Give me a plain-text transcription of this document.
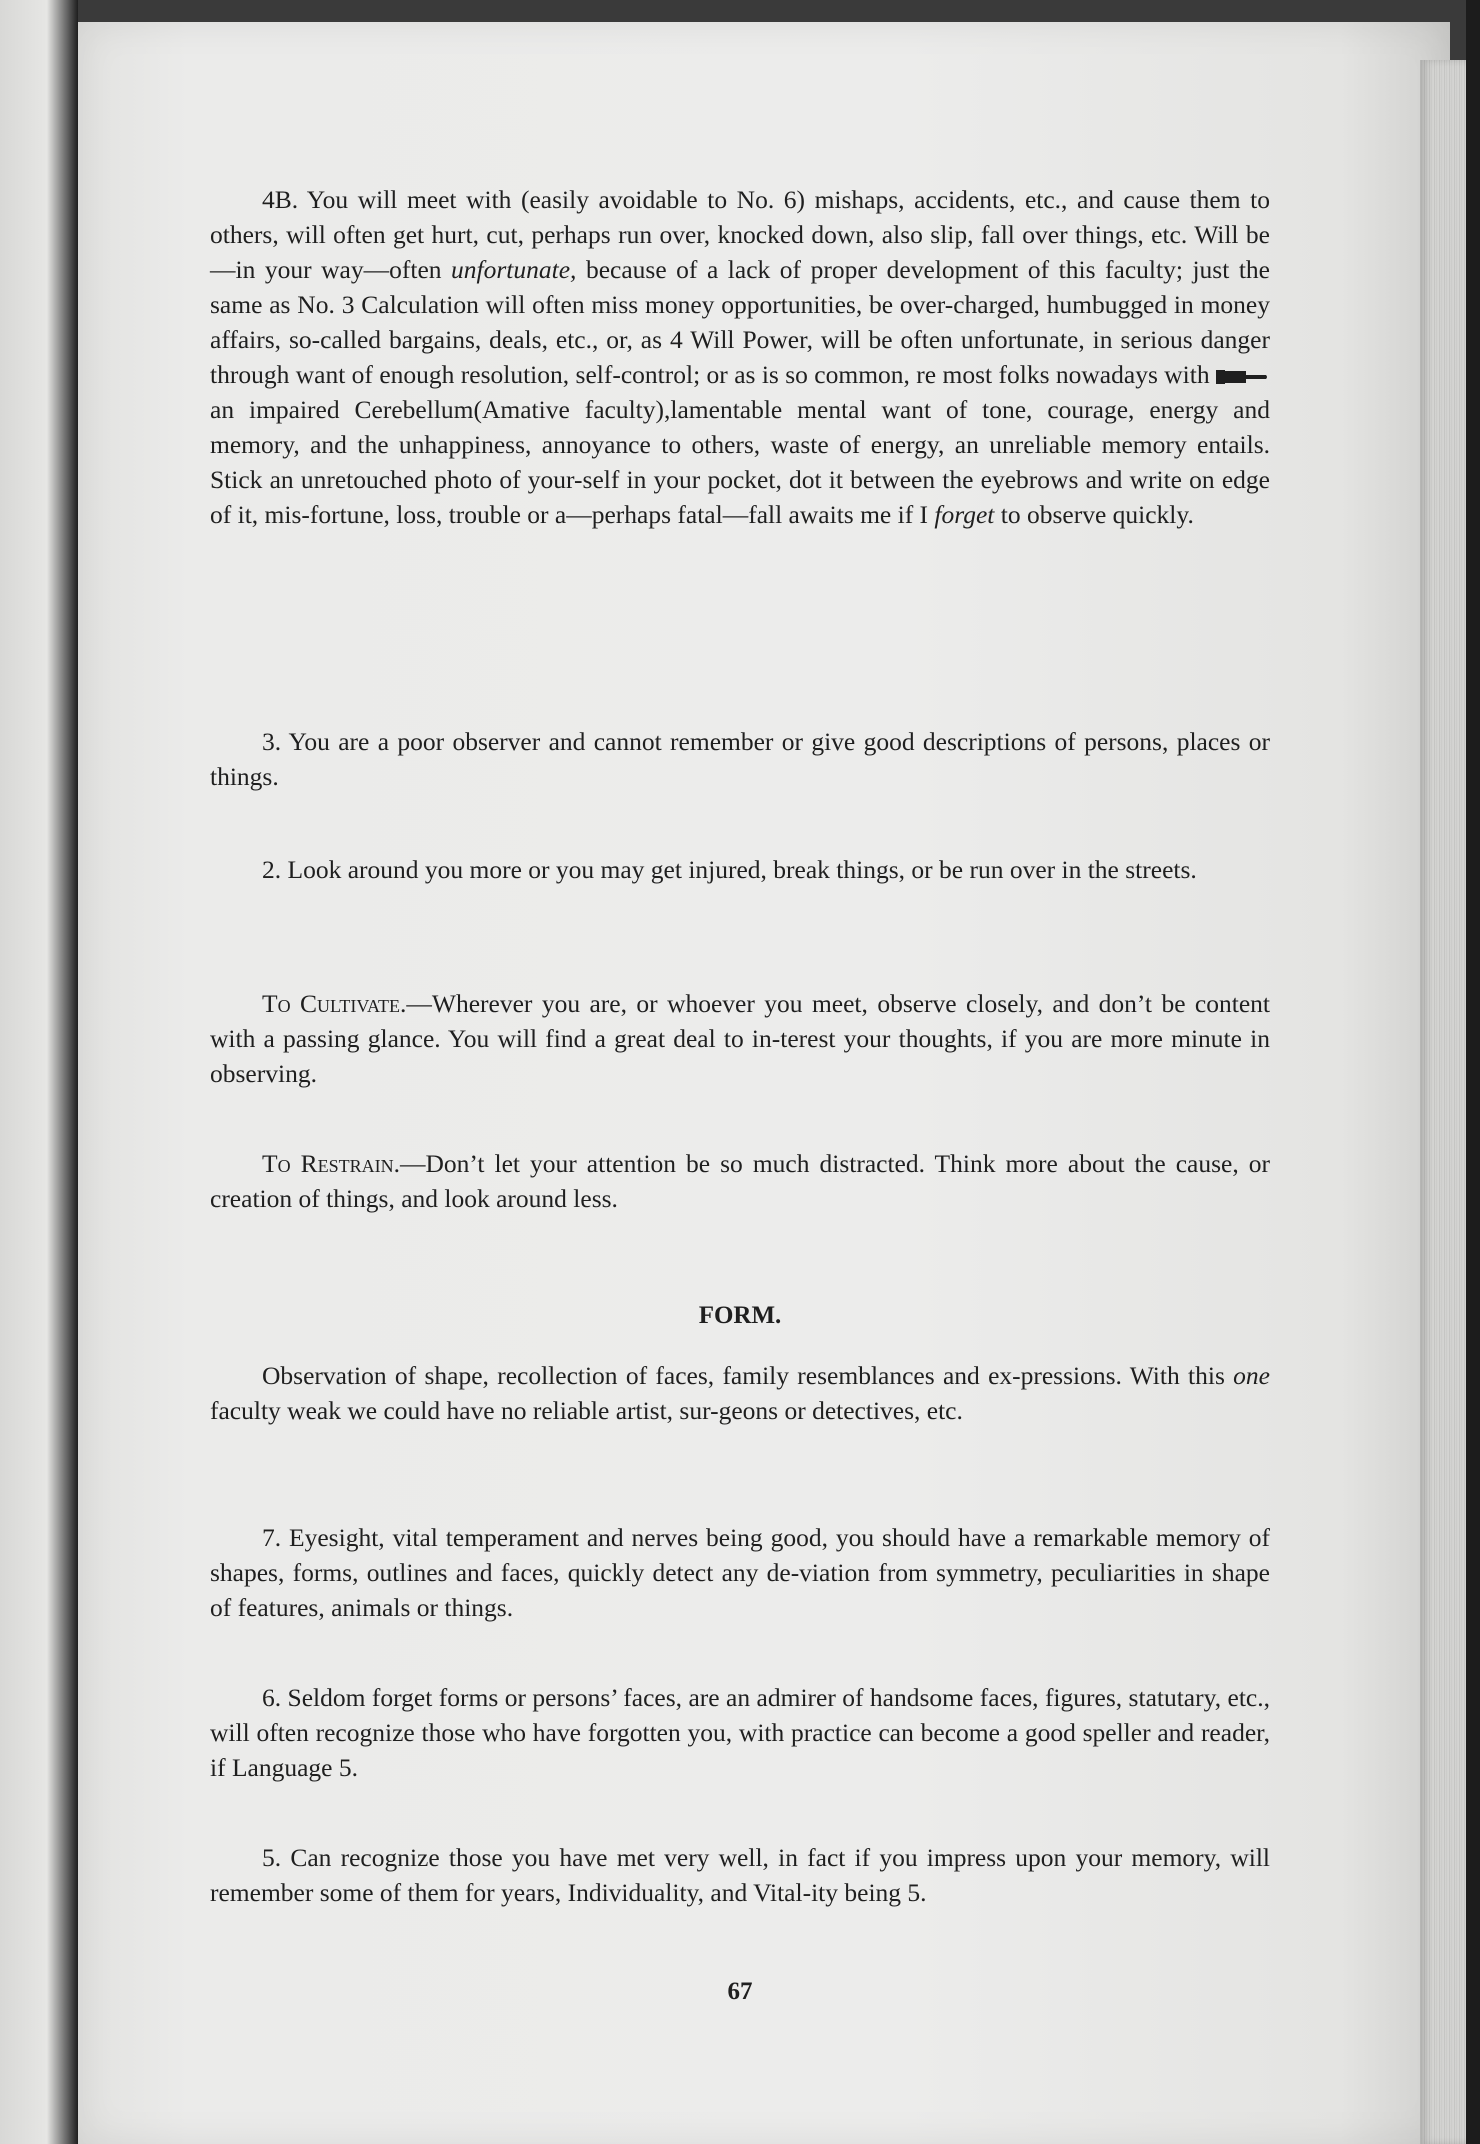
4B. You will meet with (easily avoidable to No. 6) mishaps, accidents, etc., and cause them to others, will often get hurt, cut, perhaps run over, knocked down, also slip, fall over things, etc. Will be—in your way—often unfortunate, because of a lack of proper development of this faculty; just the same as No. 3 Calculation will often miss money opportunities, be over-charged, humbugged in money affairs, so-called bargains, deals, etc., or, as 4 Will Power, will be often unfortunate, in serious danger through want of enough resolution, self-control; or as is so common, re most folks nowadays with an impaired Cerebellum(Amative faculty),lamentable mental want of tone, courage, energy and memory, and the unhappiness, annoyance to others, waste of energy, an unreliable memory entails. Stick an unretouched photo of your-self in your pocket, dot it between the eyebrows and write on edge of it, mis-fortune, loss, trouble or a—perhaps fatal—fall awaits me if I forget to observe quickly.

3. You are a poor observer and cannot remember or give good descriptions of persons, places or things.

2. Look around you more or you may get injured, break things, or be run over in the streets.

To Cultivate.—Wherever you are, or whoever you meet, observe closely, and don’t be content with a passing glance. You will find a great deal to in-terest your thoughts, if you are more minute in observing.

To Restrain.—Don’t let your attention be so much distracted. Think more about the cause, or creation of things, and look around less.

FORM.

Observation of shape, recollection of faces, family resemblances and ex-pressions. With this one faculty weak we could have no reliable artist, sur-geons or detectives, etc.

7. Eyesight, vital temperament and nerves being good, you should have a remarkable memory of shapes, forms, outlines and faces, quickly detect any de-viation from symmetry, peculiarities in shape of features, animals or things.

6. Seldom forget forms or persons’ faces, are an admirer of handsome faces, figures, statutary, etc., will often recognize those who have forgotten you, with practice can become a good speller and reader, if Language 5.

5. Can recognize those you have met very well, in fact if you impress upon your memory, will remember some of them for years, Individuality, and Vital-ity being 5.

67
